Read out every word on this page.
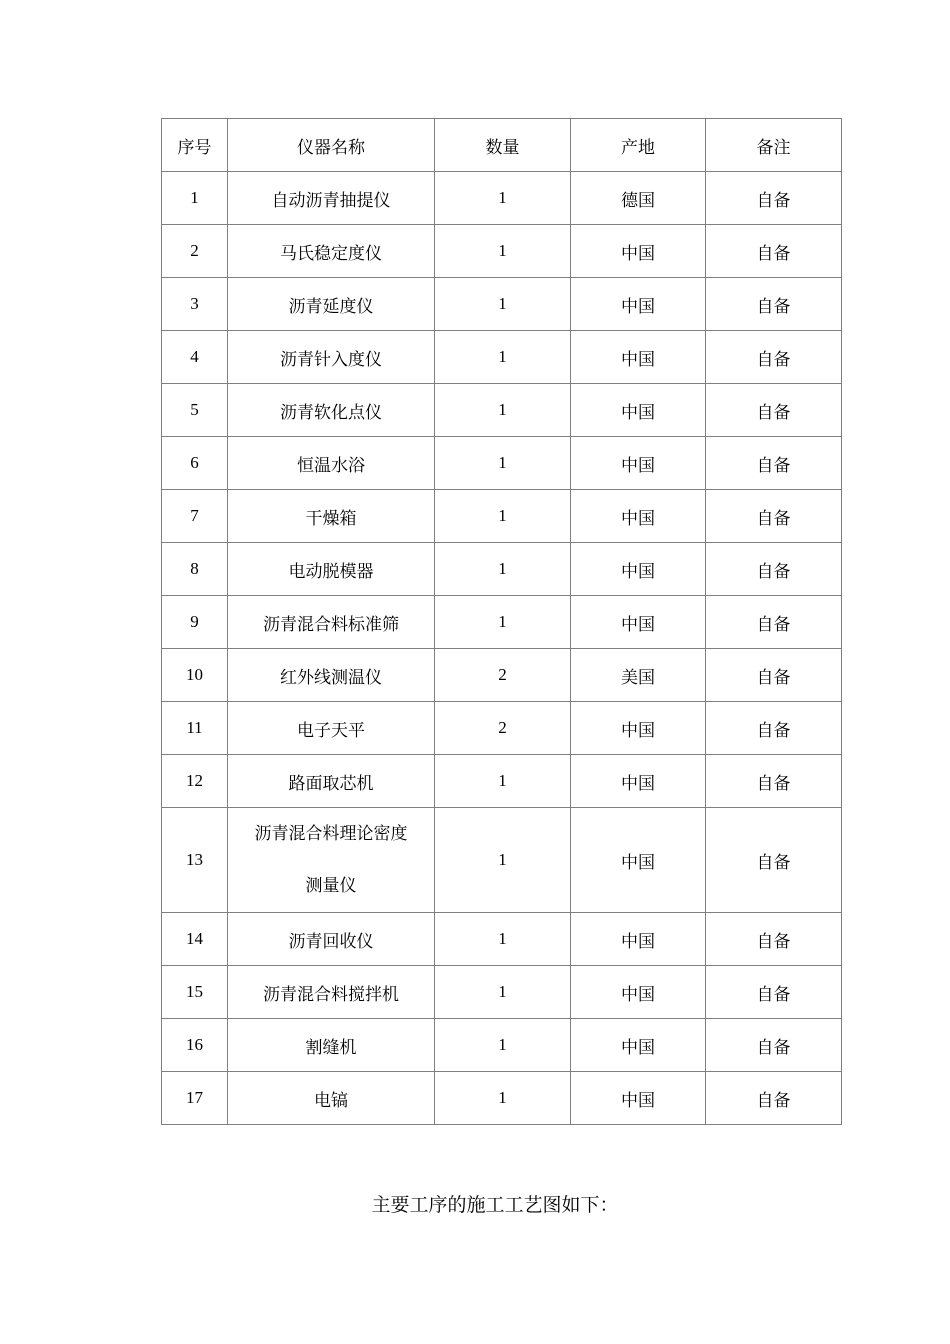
序号	仪器名称	数量	产地	备注
1	自动沥青抽提仪	1	德国	自备
2	马氏稳定度仪	1	中国	自备
3	沥青延度仪	1	中国	自备
4	沥青针入度仪	1	中国	自备
5	沥青软化点仪	1	中国	自备
6	恒温水浴	1	中国	自备
7	干燥箱	1	中国	自备
8	电动脱模器	1	中国	自备
9	沥青混合料标准筛	1	中国	自备
10	红外线测温仪	2	美国	自备
11	电子天平	2	中国	自备
12	路面取芯机	1	中国	自备
13	沥青混合料理论密度
测量仪	1	中国	自备
14	沥青回收仪	1	中国	自备
15	沥青混合料搅拌机	1	中国	自备
16	割缝机	1	中国	自备
17	电镐	1	中国	自备
主要工序的施工工艺图如下：
